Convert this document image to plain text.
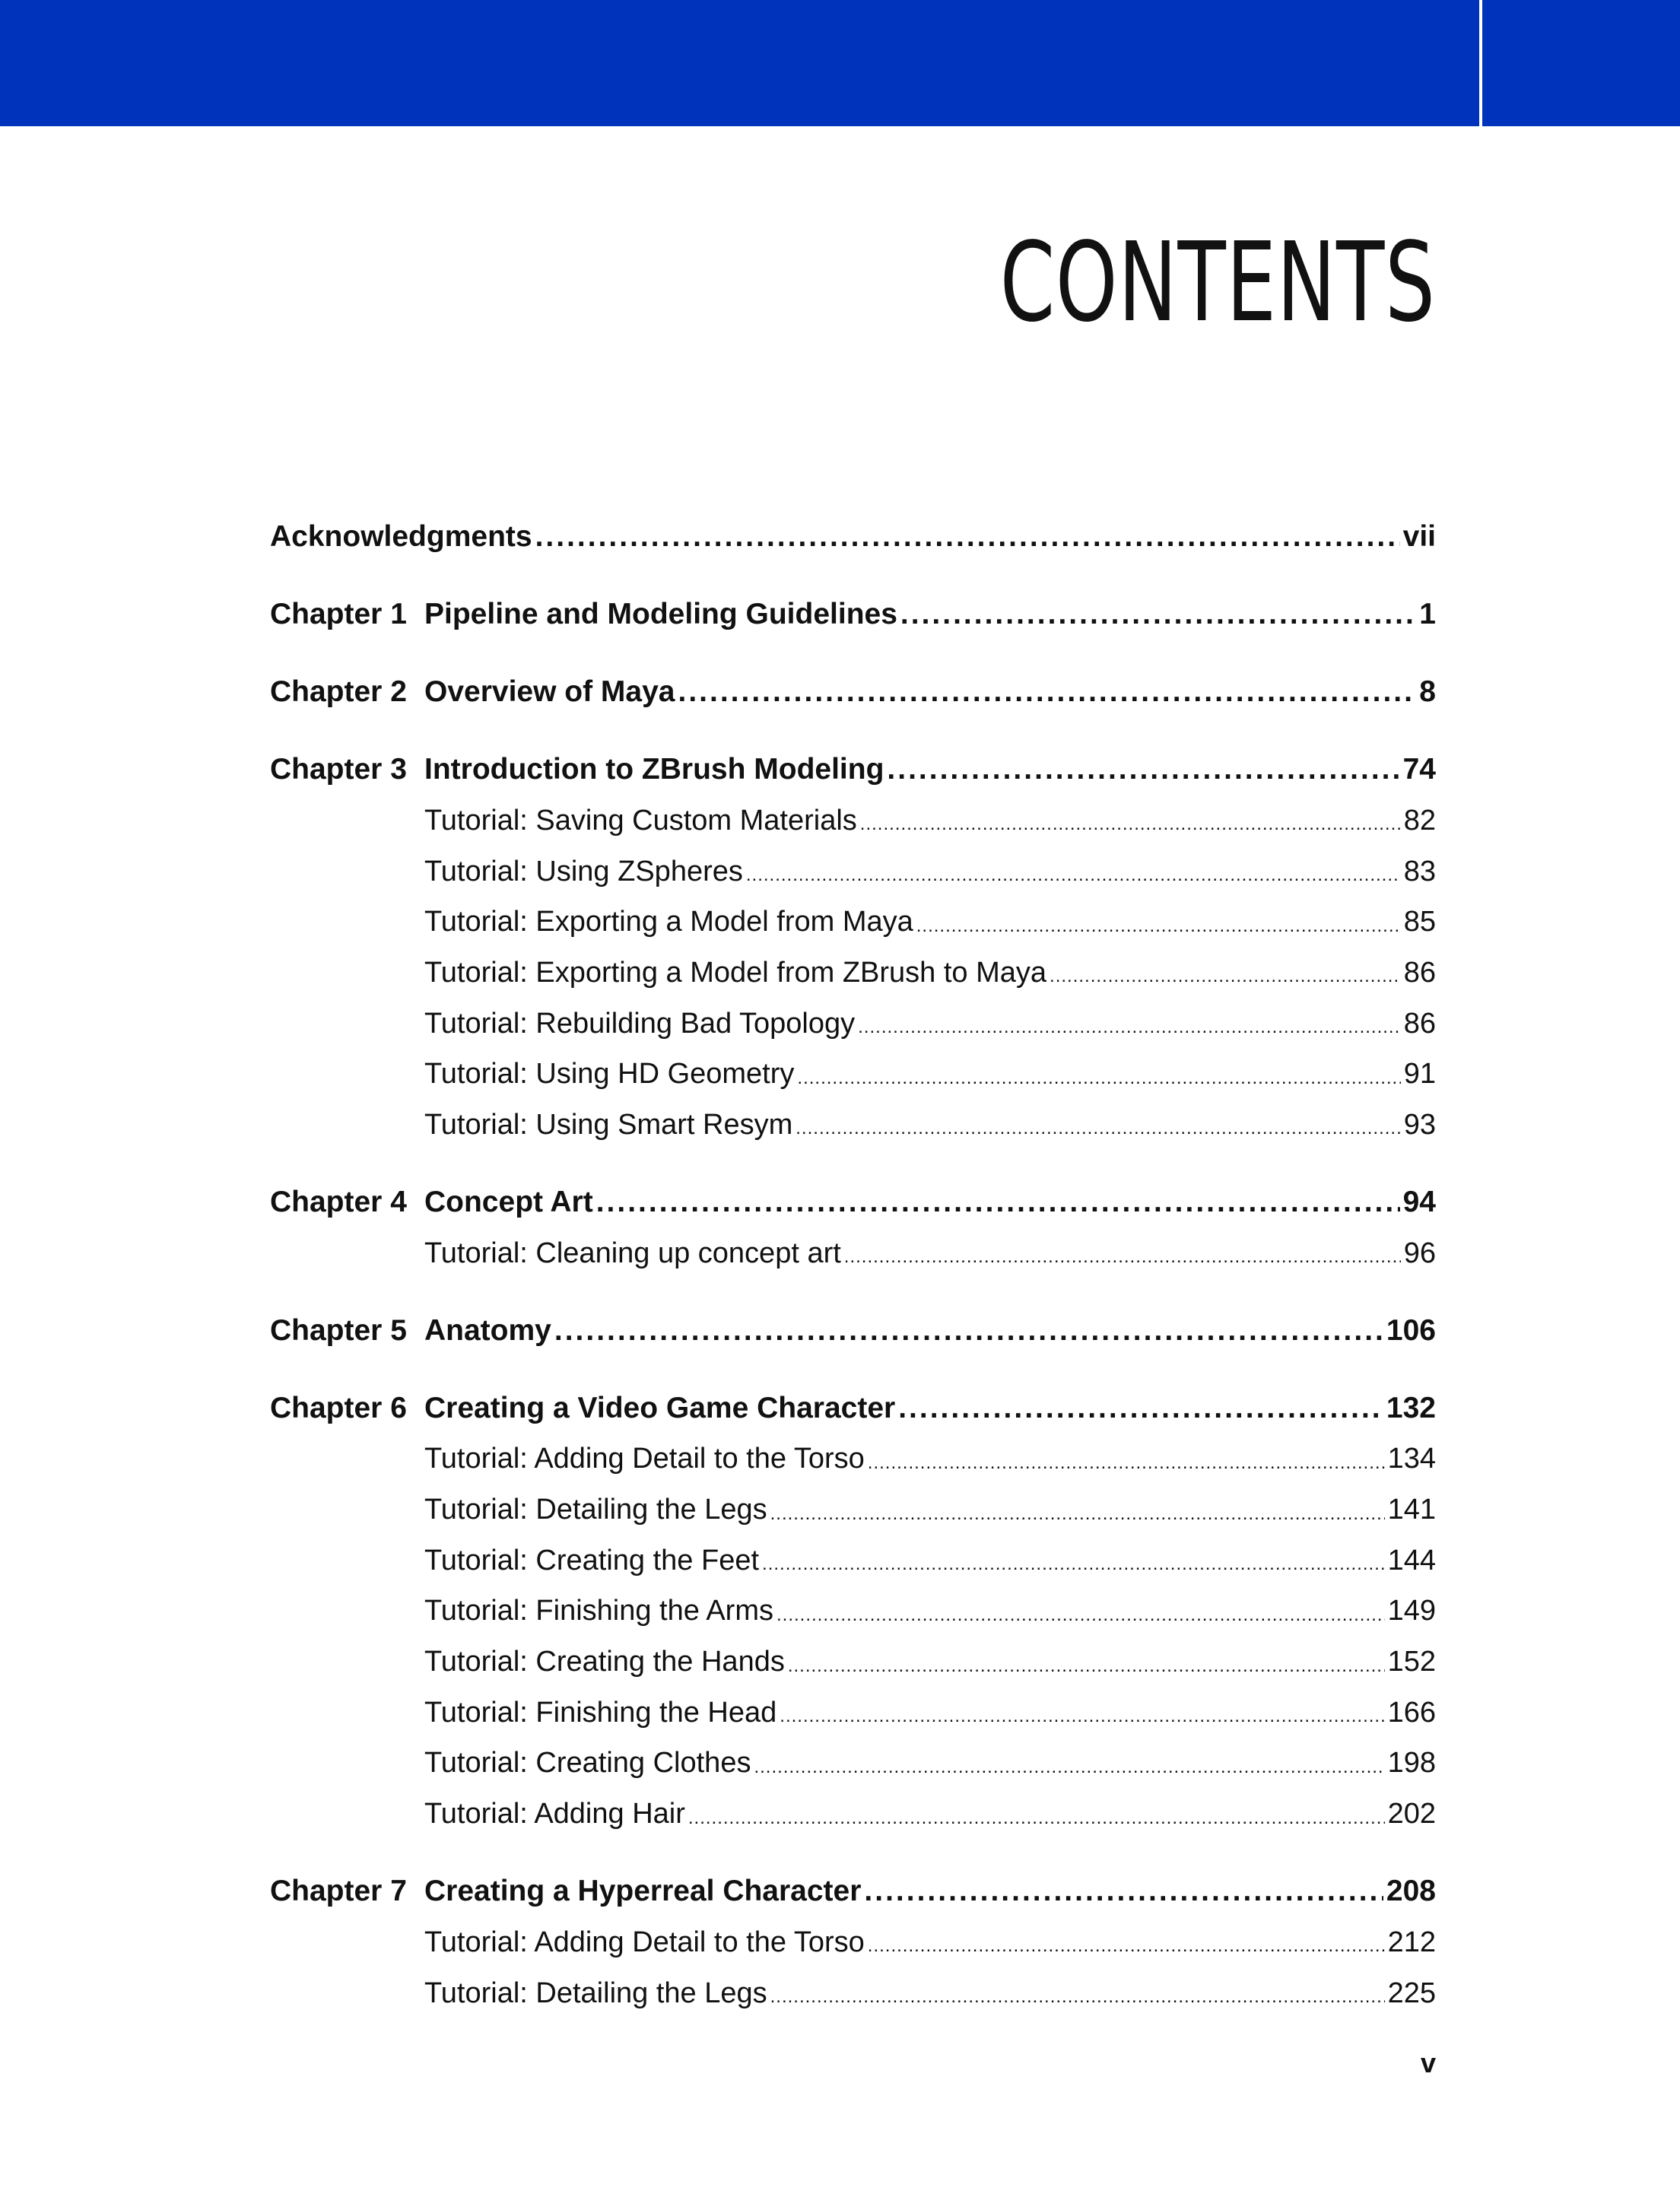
CONTENTS
Acknowledgments .....	vii
Chapter 1 Pipeline and Modeling Guidelines .....	1
Chapter 2 Overview of Maya .....	8
Chapter 3 Introduction to ZBrush Modeling .....	74
Tutorial: Saving Custom Materials .....	82
Tutorial: Using ZSpheres .....	83
Tutorial: Exporting a Model from Maya .....	85
Tutorial: Exporting a Model from ZBrush to Maya .....	86
Tutorial: Rebuilding Bad Topology .....	86
Tutorial: Using HD Geometry .....	91
Tutorial: Using Smart Resym .....	93
Chapter 4 Concept Art .....	94
Tutorial: Cleaning up concept art .....	96
Chapter 5 Anatomy .....	106
Chapter 6 Creating a Video Game Character .....	132
Tutorial: Adding Detail to the Torso .....	134
Tutorial: Detailing the Legs .....	141
Tutorial: Creating the Feet .....	144
Tutorial: Finishing the Arms .....	149
Tutorial: Creating the Hands .....	152
Tutorial: Finishing the Head .....	166
Tutorial: Creating Clothes .....	198
Tutorial: Adding Hair .....	202
Chapter 7 Creating a Hyperreal Character .....	208
Tutorial: Adding Detail to the Torso .....	212
Tutorial: Detailing the Legs .....	225
v
